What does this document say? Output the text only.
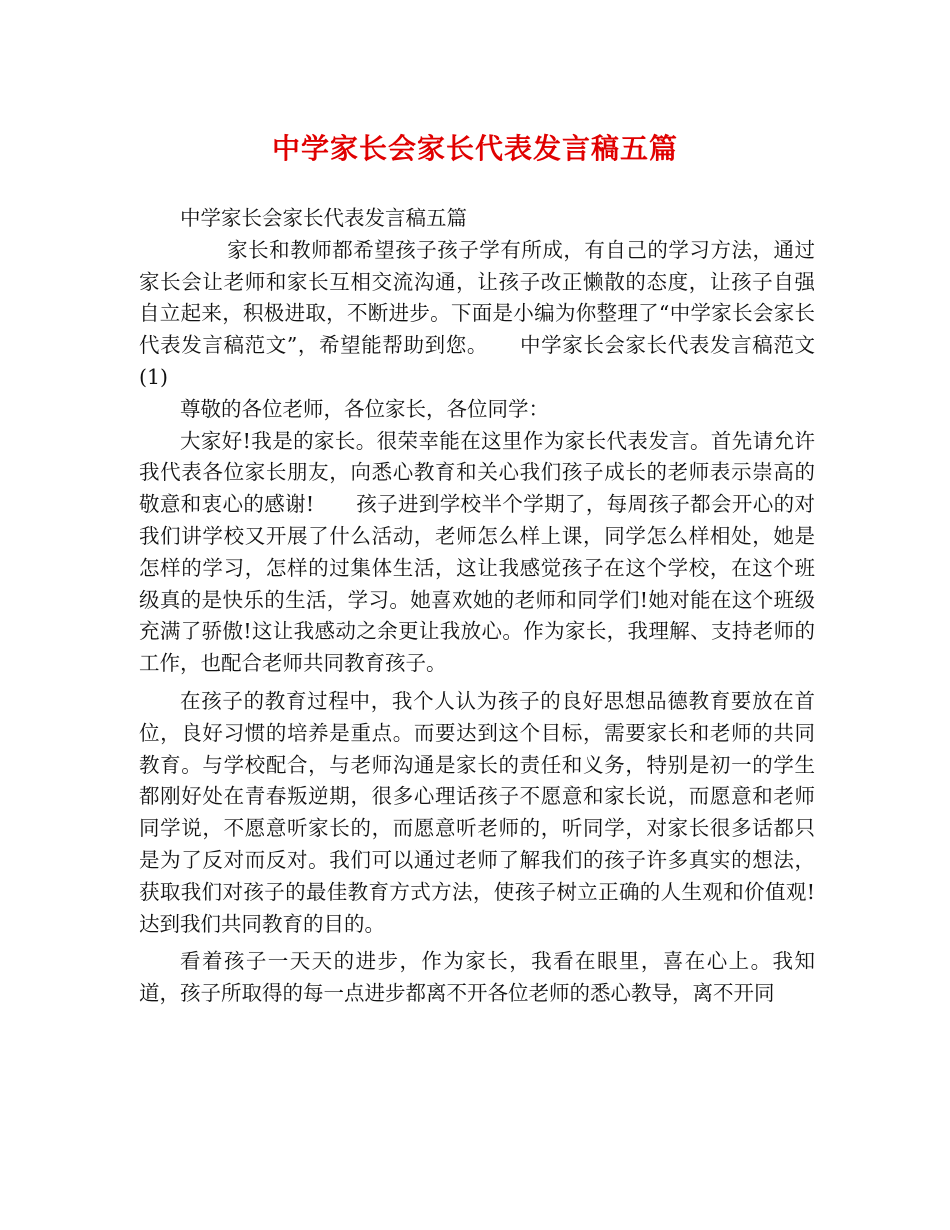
中学家长会家长代表发言稿五篇

中学家长会家长代表发言稿五篇

家长和教师都希望孩子孩子学有所成，有自己的学习方法，通过家长会让老师和家长互相交流沟通，让孩子改正懒散的态度，让孩子自强自立起来，积极进取，不断进步。下面是小编为你整理了“中学家长会家长代表发言稿范文”，希望能帮助到您。　　中学家长会家长代表发言稿范文(1)

尊敬的各位老师，各位家长，各位同学：

大家好!我是的家长。很荣幸能在这里作为家长代表发言。首先请允许我代表各位家长朋友，向悉心教育和关心我们孩子成长的老师表示崇高的敬意和衷心的感谢!　　孩子进到学校半个学期了，每周孩子都会开心的对我们讲学校又开展了什么活动，老师怎么样上课，同学怎么样相处，她是怎样的学习，怎样的过集体生活，这让我感觉孩子在这个学校，在这个班级真的是快乐的生活，学习。她喜欢她的老师和同学们!她对能在这个班级充满了骄傲!这让我感动之余更让我放心。作为家长，我理解、支持老师的工作，也配合老师共同教育孩子。

在孩子的教育过程中，我个人认为孩子的良好思想品德教育要放在首位，良好习惯的培养是重点。而要达到这个目标，需要家长和老师的共同教育。与学校配合，与老师沟通是家长的责任和义务，特别是初一的学生都刚好处在青春叛逆期，很多心理话孩子不愿意和家长说，而愿意和老师同学说，不愿意听家长的，而愿意听老师的，听同学，对家长很多话都只是为了反对而反对。我们可以通过老师了解我们的孩子许多真实的想法，获取我们对孩子的最佳教育方式方法，使孩子树立正确的人生观和价值观!达到我们共同教育的目的。

看着孩子一天天的进步，作为家长，我看在眼里，喜在心上。我知道，孩子所取得的每一点进步都离不开各位老师的悉心教导，离不开同
